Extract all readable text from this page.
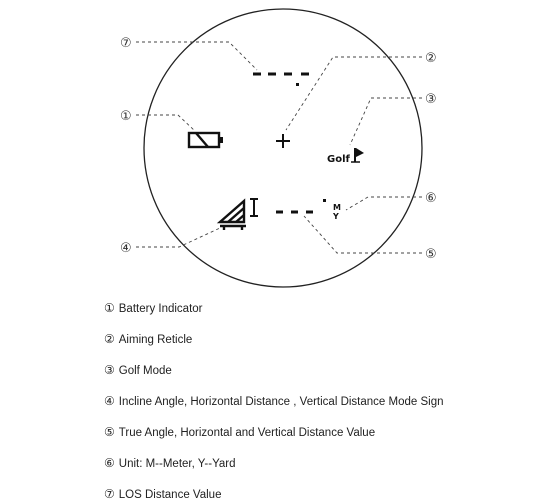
Golf
M
Y
⑦
②
③
①
⑥
④	⑤
① Battery Indicator
② Aiming Reticle
③ Golf Mode
④ Incline Angle, Horizontal Distance , Vertical Distance Mode Sign
⑤ True Angle, Horizontal and Vertical Distance Value
⑥ Unit: M--Meter, Y--Yard
⑦ LOS Distance Value
